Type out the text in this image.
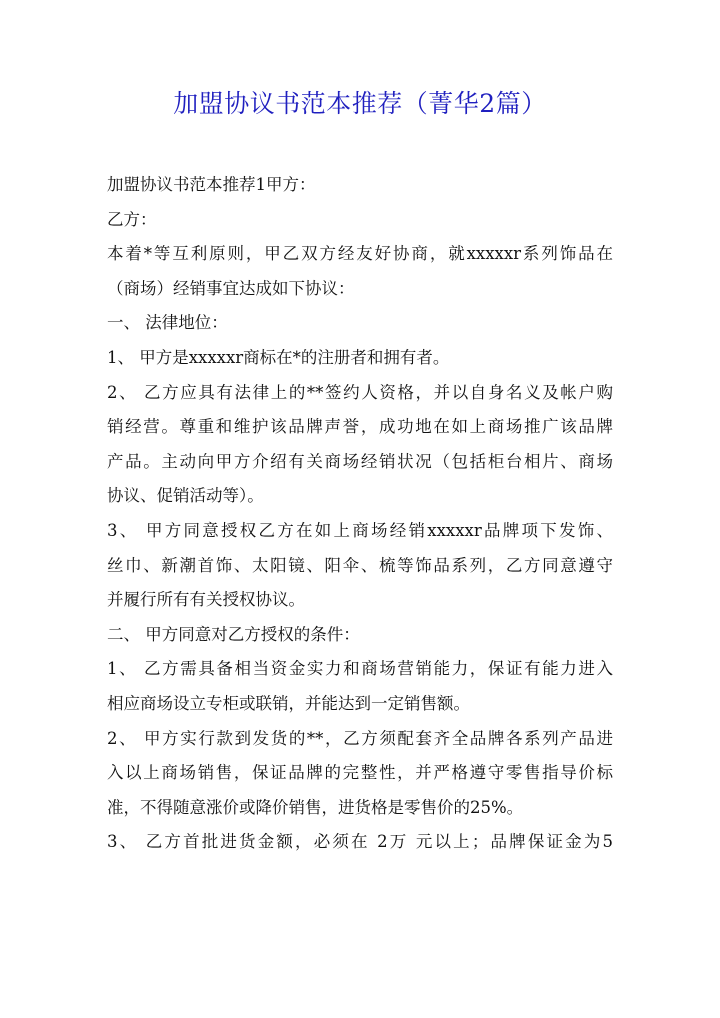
加盟协议书范本推荐（菁华2篇）
加盟协议书范本推荐1甲方：
乙方：
本着*等互利原则，甲乙双方经友好协商，就xxxxxr系列饰品在
（商场）经销事宜达成如下协议：
一、 法律地位：
1、 甲方是xxxxxr商标在*的注册者和拥有者。
2、 乙方应具有法律上的**签约人资格，并以自身名义及帐户购
销经营。尊重和维护该品牌声誉，成功地在如上商场推广该品牌
产品。主动向甲方介绍有关商场经销状况（包括柜台相片、商场
协议、促销活动等）。
3、 甲方同意授权乙方在如上商场经销xxxxxr品牌项下发饰、
丝巾、新潮首饰、太阳镜、阳伞、梳等饰品系列，乙方同意遵守
并履行所有有关授权协议。
二、 甲方同意对乙方授权的条件：
1、 乙方需具备相当资金实力和商场营销能力，保证有能力进入
相应商场设立专柜或联销，并能达到一定销售额。
2、 甲方实行款到发货的**，乙方须配套齐全品牌各系列产品进
入以上商场销售，保证品牌的完整性，并严格遵守零售指导价标
准，不得随意涨价或降价销售，进货格是零售价的25%。
3、 乙方首批进货金额，必须在 2万 元以上；品牌保证金为5
